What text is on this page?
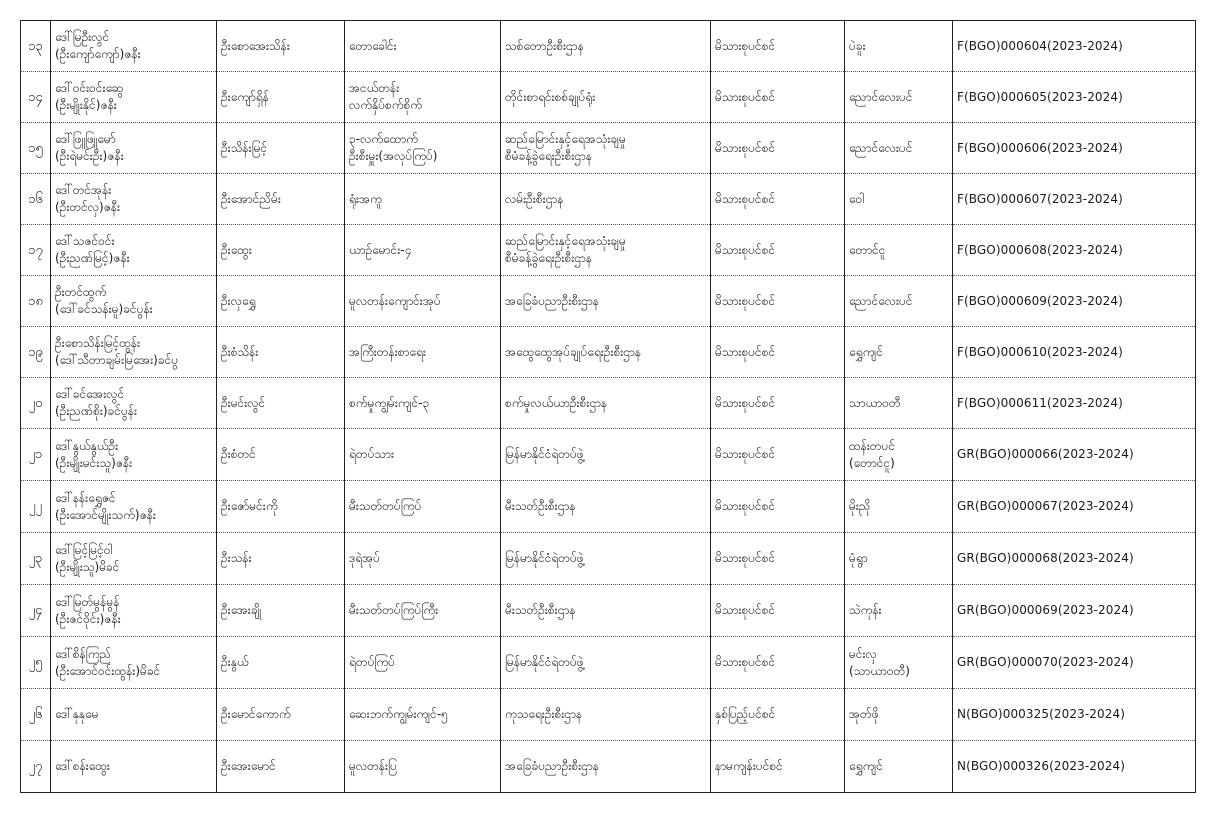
၁၃	ဒေါ်မြဦးလွင်
(ဦးကျော်ကျော်)ဇနီး	ဦးစောအေးသိန်း	တောခေါင်း	သစ်တောဦးစီးဌာန	မိသားစုပင်စင်	ပဲခူး	F(BGO)000604(2023-2024)
၁၄	ဒေါ်ဝင်းဝင်းဆွေ
(ဦးမျိုးနိုင်)ဇနီး	ဦးကျော်ရှိန်	အငယ်တန်း
လက်နှိပ်စက်စိုက်	တိုင်းစာရင်းစစ်ချုပ်ရုံး	မိသားစုပင်စင်	ညောင်လေးပင်	F(BGO)000605(2023-2024)
၁၅	ဒေါ်ဖြူဖြူမော်
(ဦးရဲမင်းဦး)ဇနီး	ဦးသိန်းမြင့်	၃-လက်ထောက်
ဦးစီးမှူး(အလုပ်ကြပ်)	ဆည်မြောင်းနှင့်ရေအသုံးချမှု
စီမံခန့်ခွဲရေးဦးစီးဌာန	မိသားစုပင်စင်	ညောင်လေးပင်	F(BGO)000606(2023-2024)
၁၆	ဒေါ်တင်အုန်း
(ဦးတင်လှ)ဇနီး	ဦးအောင်ညိမ်း	ရုံးအကူ	လမ်းဦးစီးဌာန	မိသားစုပင်စင်	ဝေါ	F(BGO)000607(2023-2024)
၁၇	ဒေါ်သဇင်ဝင်း
(ဦးညဏ်မြင့်)ဇနီး	ဦးထွေး	ယာဉ်မောင်း-၄	ဆည်မြောင်းနှင့်ရေအသုံးချမှု
စီမံခန့်ခွဲရေးဦးစီးဌာန	မိသားစုပင်စင်	တောင်ငူ	F(BGO)000608(2023-2024)
၁၈	ဦးတင်ထွက်
(ဒေါ်ခင်သန်းမူ)ခင်ပွန်း	ဦးလှရွှေ	မူလတန်းကျောင်းအုပ်	အခြေခံပညာဦးစီးဌာန	မိသားစုပင်စင်	ညောင်လေးပင်	F(BGO)000609(2023-2024)
၁၉	ဦးစောသိန်းမြင့်ထွန်း
(ဒေါ်သီတာချမ်းမြအေး)ခင်ပွ	ဦးစံသိန်း	အကြီးတန်းစာရေး	အထွေထွေအုပ်ချုပ်ရေးဦးစီးဌာန	မိသားစုပင်စင်	ရွှေကျင်	F(BGO)000610(2023-2024)
၂၀	ဒေါ်ခင်အေးလွင်
(ဦးညဏ်စိုး)ခင်ပွန်း	ဦးမင်းလွင်	စက်မှုကျွမ်းကျင်-၃	စက်မှုလယ်ယာဦးစီးဌာန	မိသားစုပင်စင်	သာယာဝတီ	F(BGO)000611(2023-2024)
၂၁	ဒေါ်နွယ်နွယ်ဦး
(ဦးမျိုးမင်းသူ)ဇနီး	ဦးစံတင်	ရဲတပ်သား	မြန်မာနိုင်ငံရဲတပ်ဖွဲ့	မိသားစုပင်စင်	ထန်းတပင်
(တောင်ငူ)	GR(BGO)000066(2023-2024)
၂၂	ဒေါ်နန်းရွှေဇင်
(ဦးအောင်မျိုးသက်)ဇနီး	ဦးဇော်မင်းကို	မီးသတ်တပ်ကြပ်	မီးသတ်ဦးစီးဌာန	မိသားစုပင်စင်	မိုးညို	GR(BGO)000067(2023-2024)
၂၃	ဒေါ်မြင့်မြင့်ဝါ
(ဦးမျိုးသူ)မိခင်	ဦးသန်း	ဒုရဲအုပ်	မြန်မာနိုင်ငံရဲတပ်ဖွဲ့	မိသားစုပင်စင်	မုံရွာ	GR(BGO)000068(2023-2024)
၂၄	ဒေါ်မြတ်မွန်မွန်
(ဦးဇင်ဝိုင်း)ဇနီး	ဦးအေးချို	မီးသတ်တပ်ကြပ်ကြီး	မီးသတ်ဦးစီးဌာန	မိသားစုပင်စင်	သဲကုန်း	GR(BGO)000069(2023-2024)
၂၅	ဒေါ်စိန်ကြည်
(ဦးအောင်ဝင်းထွန်း)မိခင်	ဦးနွယ်	ရဲတပ်ကြပ်	မြန်မာနိုင်ငံရဲတပ်ဖွဲ့	မိသားစုပင်စင်	မင်းလှ
(သာယာဝတီ)	GR(BGO)000070(2023-2024)
၂၆	ဒေါ်နုနုမေ	ဦးမောင်ကောက်	ဆေးဘက်ကျွမ်းကျင်-၅	ကုသရေးဦးစီးဌာန	နှစ်ပြည့်ပင်စင်	အုတ်ဖို	N(BGO)000325(2023-2024)
၂၇	ဒေါ်စန်းထွေး	ဦးအေးမောင်	မူလတန်းပြ	အခြေခံပညာဦးစီးဌာန	နာမကျန်းပင်စင်	ရွှေကျင်	N(BGO)000326(2023-2024)
